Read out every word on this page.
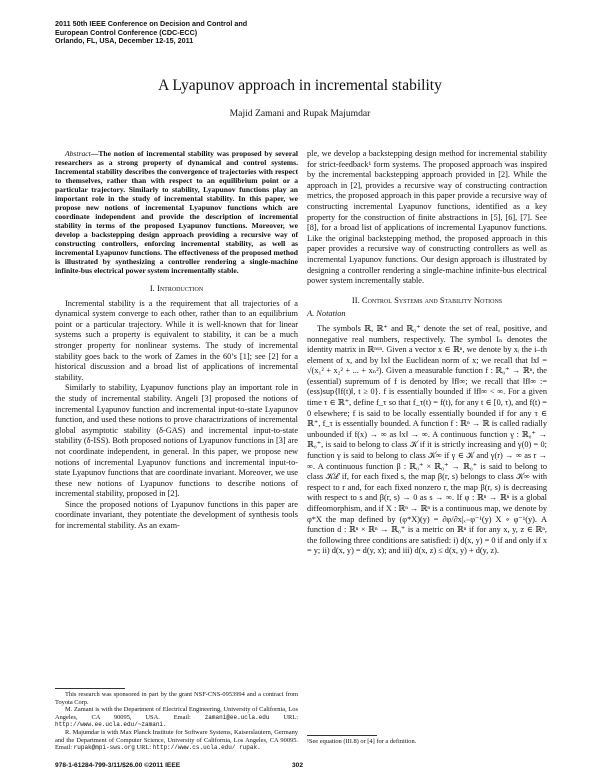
2011 50th IEEE Conference on Decision and Control and
European Control Conference (CDC-ECC)
Orlando, FL, USA, December 12-15, 2011
A Lyapunov approach in incremental stability
Majid Zamani and Rupak Majumdar

Abstract—The notion of incremental stability was proposed by several researchers as a strong property of dynamical and control systems. Incremental stability describes the convergence of trajectories with respect to themselves, rather than with respect to an equilibrium point or a particular trajectory. Similarly to stability, Lyapunov functions play an important role in the study of incremental stability. In this paper, we propose new notions of incremental Lyapunov functions which are coordinate independent and provide the description of incremental stability in terms of the proposed Lyapunov functions. Moreover, we develop a backstepping design approach providing a recursive way of constructing controllers, enforcing incremental stability, as well as incremental Lyapunov functions. The effectiveness of the proposed method is illustrated by synthesizing a controller rendering a single-machine infinite-bus electrical power system incrementally stable.

I. Introduction

Incremental stability is a the requirement that all trajectories of a dynamical system converge to each other, rather than to an equilibrium point or a particular trajectory. While it is well-known that for linear systems such a property is equivalent to stability, it can be a much stronger property for nonlinear systems. The study of incremental stability goes back to the work of Zames in the 60’s [1]; see [2] for a historical discussion and a broad list of applications of incremental stability.

Similarly to stability, Lyapunov functions play an important role in the study of incremental stability. Angeli [3] proposed the notions of incremental Lyapunov function and incremental input-to-state Lyapunov function, and used these notions to prove charactrizations of incremental global asymptotic stability (δ-GAS) and incremental input-to-state stability (δ-ISS). Both proposed notions of Lyapunov functions in [3] are not coordinate independent, in general. In this paper, we propose new notions of incremental Lyapunov functions and incremental input-to-state Lyapunov functions that are coordinate invariant. Moreover, we use these new notions of Lyapunov functions to describe notions of incremental stability, proposed in [2].

Since the proposed notions of Lyapunov functions in this paper are coordinate invariant, they potentiate the development of synthesis tools for incremental stability. As an exam-

This research was sponsored in part by the grant NSF-CNS-0953994 and a contract from Toyota Corp.

M. Zamani is with the Department of Electrical Engineering, University of California, Los Angeles, CA 90095, USA. Email: zamani@ee.ucla.edu URL: http://www.ee.ucla.edu/~zamani.

R. Majumdar is with Max Planck Institute for Software Systems, Kaiserslautern, Germany and the Department of Computer Science, University of California, Los Angeles, CA 90095. Email: rupak@mpi-sws.org URL: http://www.cs.ucla.edu/ rupak.

ple, we develop a backstepping design method for incremental stability for strict-feedback¹ form systems. The proposed approach was inspired by the incremental backstepping approach provided in [2]. While the approach in [2], provides a recursive way of constructing contraction metrics, the proposed approach in this paper provide a recursive way of constructing incremental Lyapunov functions, identified as a key property for the construction of finite abstractions in [5], [6], [7]. See [8], for a broad list of applications of incremental Lyapunov functions. Like the original backstepping method, the proposed approach in this paper provides a recursive way of constructing controllers as well as incremental Lyapunov functions. Our design approach is illustrated by designing a controller rendering a single-machine infinite-bus electrical power system incrementally stable.

II. Control Systems and Stability Notions

A. Notation

The symbols ℝ, ℝ⁺ and ℝ₀⁺ denote the set of real, positive, and nonnegative real numbers, respectively. The symbol Iₙ denotes the identity matrix in ℝⁿˣⁿ. Given a vector x ∈ ℝⁿ, we denote by xᵢ the i–th element of x, and by ‖x‖ the Euclidean norm of x; we recall that ‖x‖ = √(x₁² + x₂² + ... + xₙ²). Given a measurable function f : ℝ₀⁺ → ℝⁿ, the (essential) supremum of f is denoted by ‖f‖∞; we recall that ‖f‖∞ := (ess)sup{‖f(t)‖, t ≥ 0}. f is essentially bounded if ‖f‖∞ < ∞. For a given time τ ∈ ℝ⁺, define f_τ so that f_τ(t) = f(t), for any t ∈ [0, τ), and f(t) = 0 elsewhere; f is said to be locally essentially bounded if for any τ ∈ ℝ⁺, f_τ is essentially bounded. A function f : ℝⁿ → ℝ is called radially unbounded if f(x) → ∞ as ‖x‖ → ∞. A continuous function γ : ℝ₀⁺ → ℝ₀⁺, is said to belong to class 𝒦 if it is strictly increasing and γ(0) = 0; function γ is said to belong to class 𝒦∞ if γ ∈ 𝒦 and γ(r) → ∞ as r → ∞. A continuous function β : ℝ₀⁺ × ℝ₀⁺ → ℝ₀⁺ is said to belong to class 𝒦ℒ if, for each fixed s, the map β(r, s) belongs to class 𝒦∞ with respect to r and, for each fixed nonzero r, the map β(r, s) is decreasing with respect to s and β(r, s) → 0 as s → ∞. If φ : ℝⁿ → ℝⁿ is a global diffeomorphism, and if X : ℝⁿ → ℝⁿ is a continuous map, we denote by φ*X the map defined by (φ*X)(y) = ∂φ/∂x|ₓ₌φ⁻¹(y) X ∘ φ⁻¹(y). A function d : ℝⁿ × ℝⁿ → ℝ₀⁺ is a metric on ℝⁿ if for any x, y, z ∈ ℝⁿ, the following three conditions are satisfied: i) d(x, y) = 0 if and only if x = y; ii) d(x, y) = d(y, x); and iii) d(x, z) ≤ d(x, y) + d(y, z).

¹See equation (III.8) or [4] for a definition.
978-1-61284-799-3/11/$26.00 ©2011 IEEE	302
